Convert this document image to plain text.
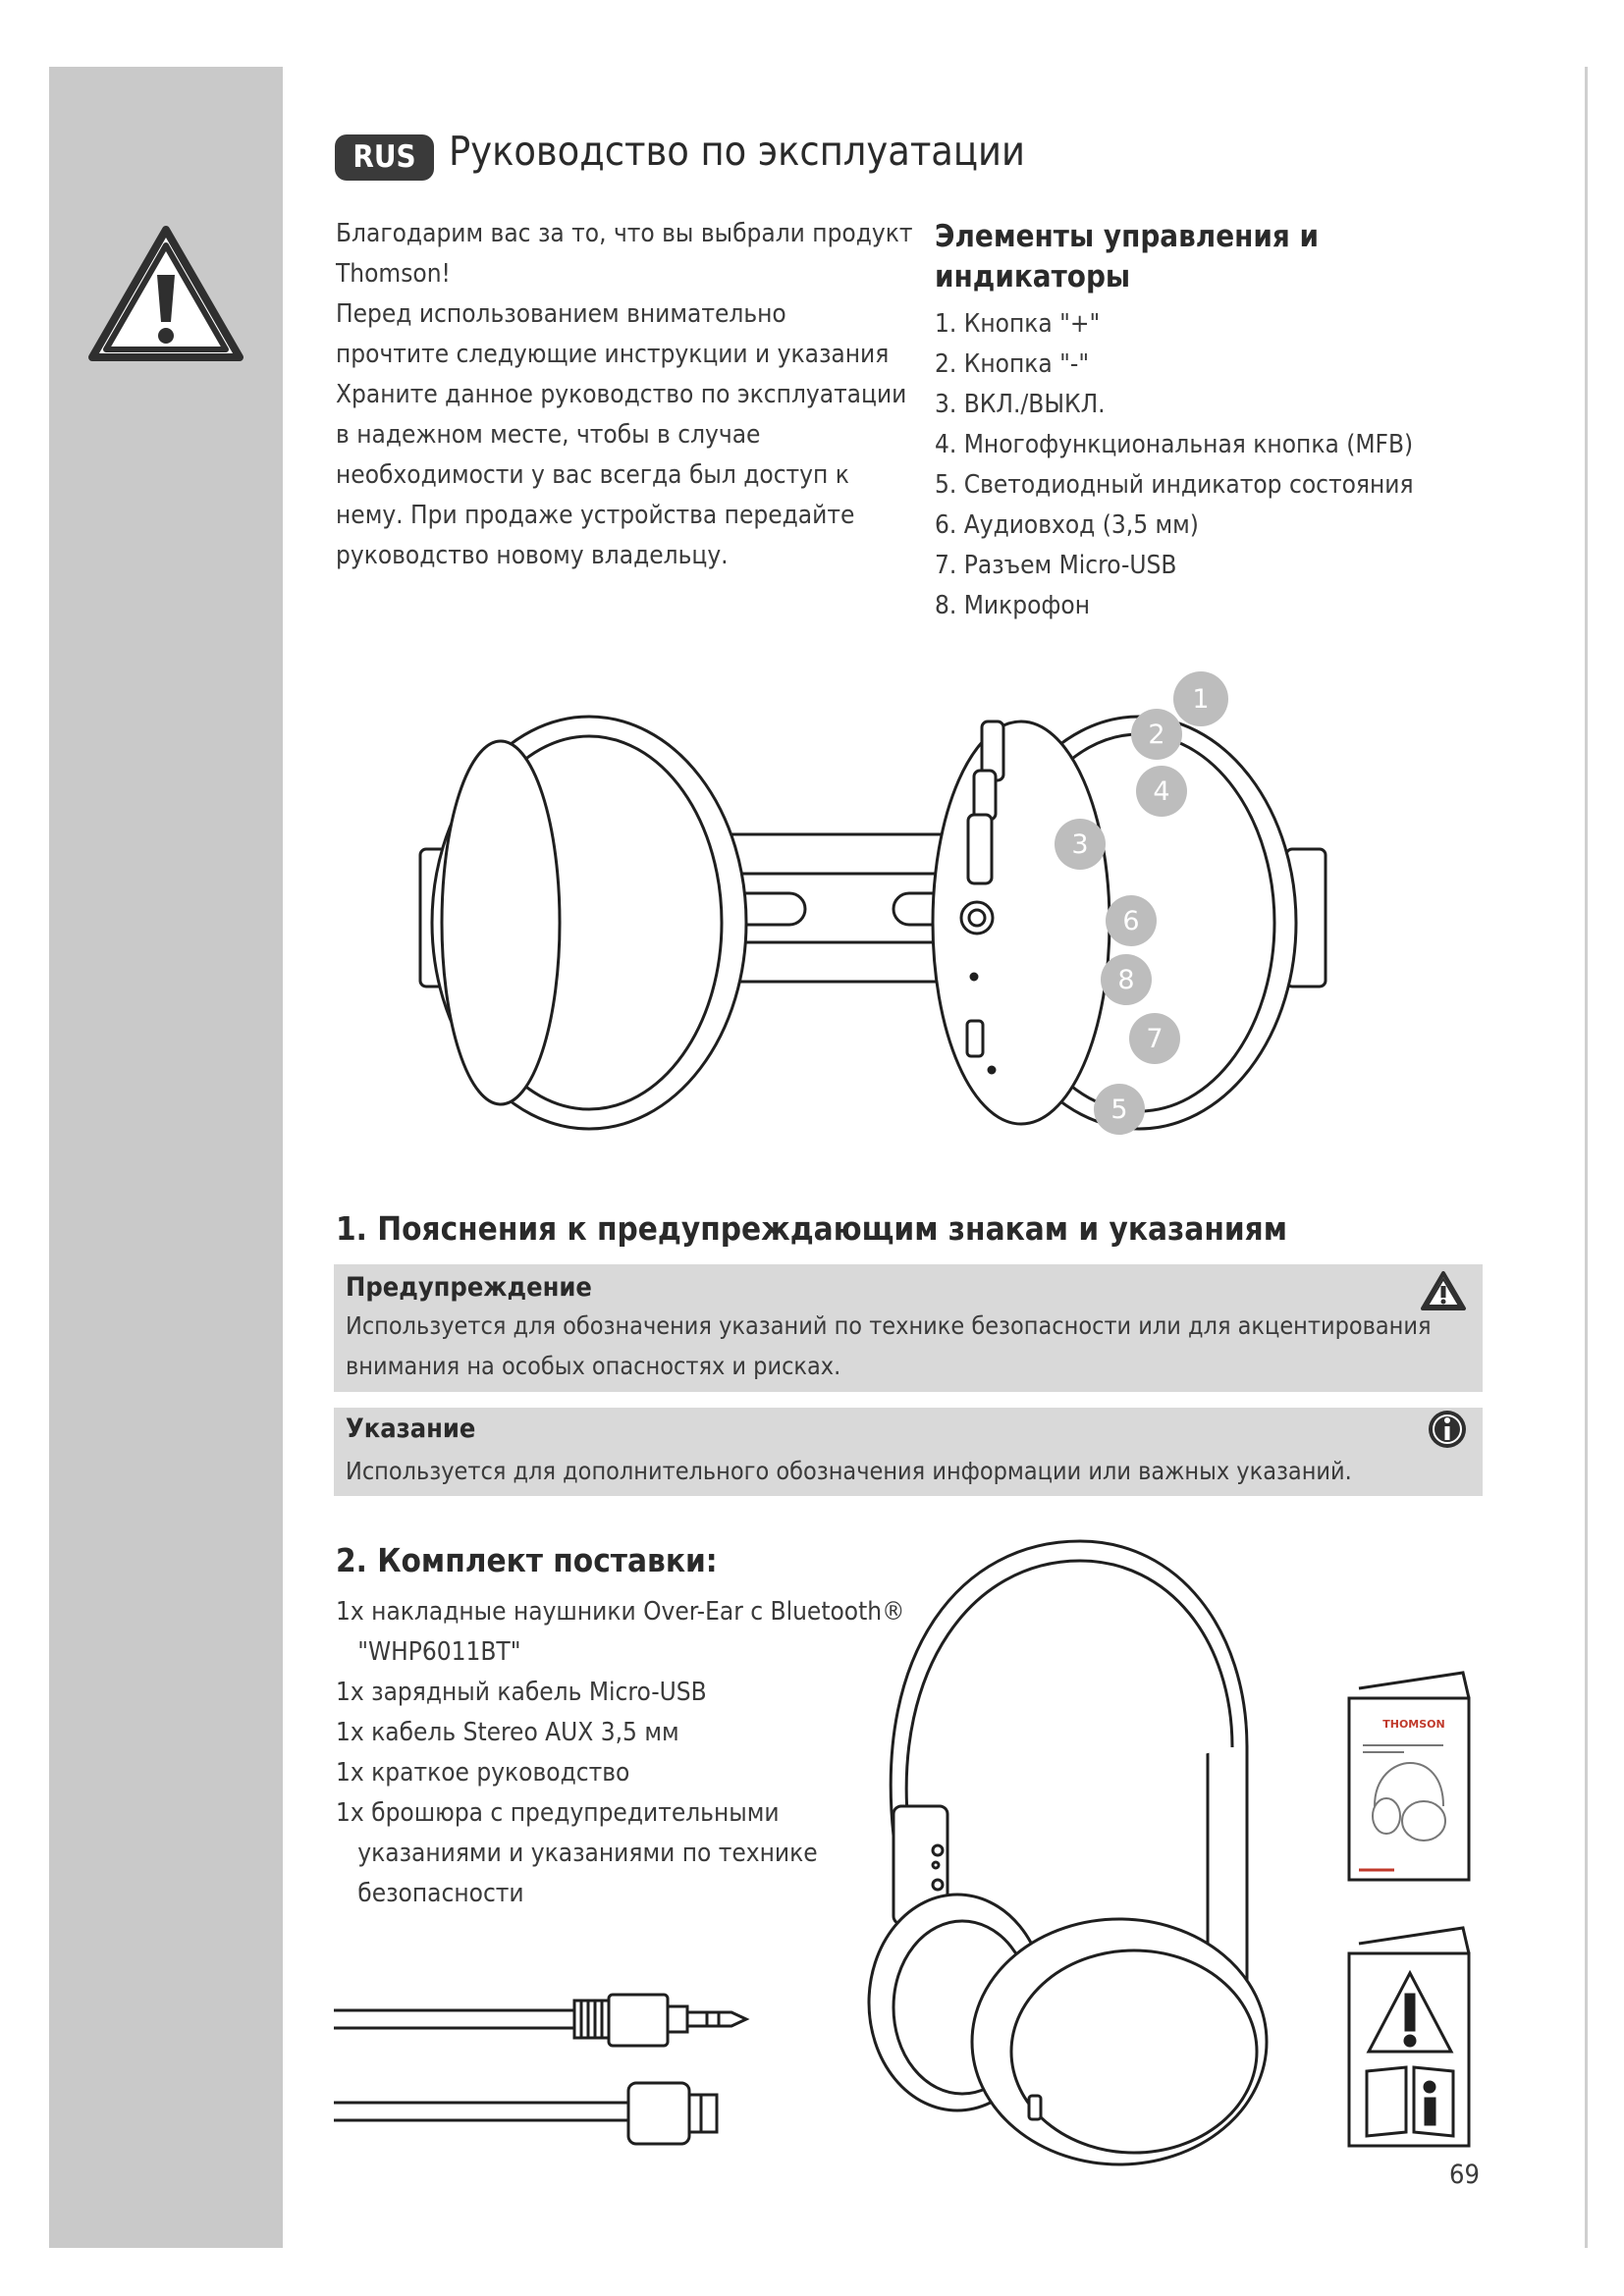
RUS Руководство по эксплуатации

Благодарим вас за то, что вы выбрали продукт

Thomson!

Перед использованием внимательно

прочтите следующие инструкции и указания

Храните данное руководство по эксплуатации

в надежном месте, чтобы в случае

необходимости у вас всегда был доступ к

нему. При продаже устройства передайте

руководство новому владельцу.

Элементы управления и
индикаторы
1. Кнопка "+"
2. Кнопка "-"
3. ВКЛ./ВЫКЛ.
4. Многофункциональная кнопка (MFB)
5. Светодиодный индикатор состояния
6. Аудиовход (3,5 мм)
7. Разъем Micro-USB
8. Микрофон
1
2
4
3
6
8
7
5
1. Пояснения к предупреждающим знакам и указаниям
Предупреждение
Используется для обозначения указаний по технике безопасности или для акцентирования
внимания на особых опасностях и рисках.
Указание
Используется для дополнительного обозначения информации или важных указаний.
2. Комплект поставки:
1x накладные наушники Over-Ear с Bluetooth®
"WHP6011BT"
1x зарядный кабель Micro-USB
1x кабель Stereo AUX 3,5 мм
1x краткое руководство
1x брошюра с предупредительными
указаниями и указаниями по технике
безопасности
THOMSON
69
